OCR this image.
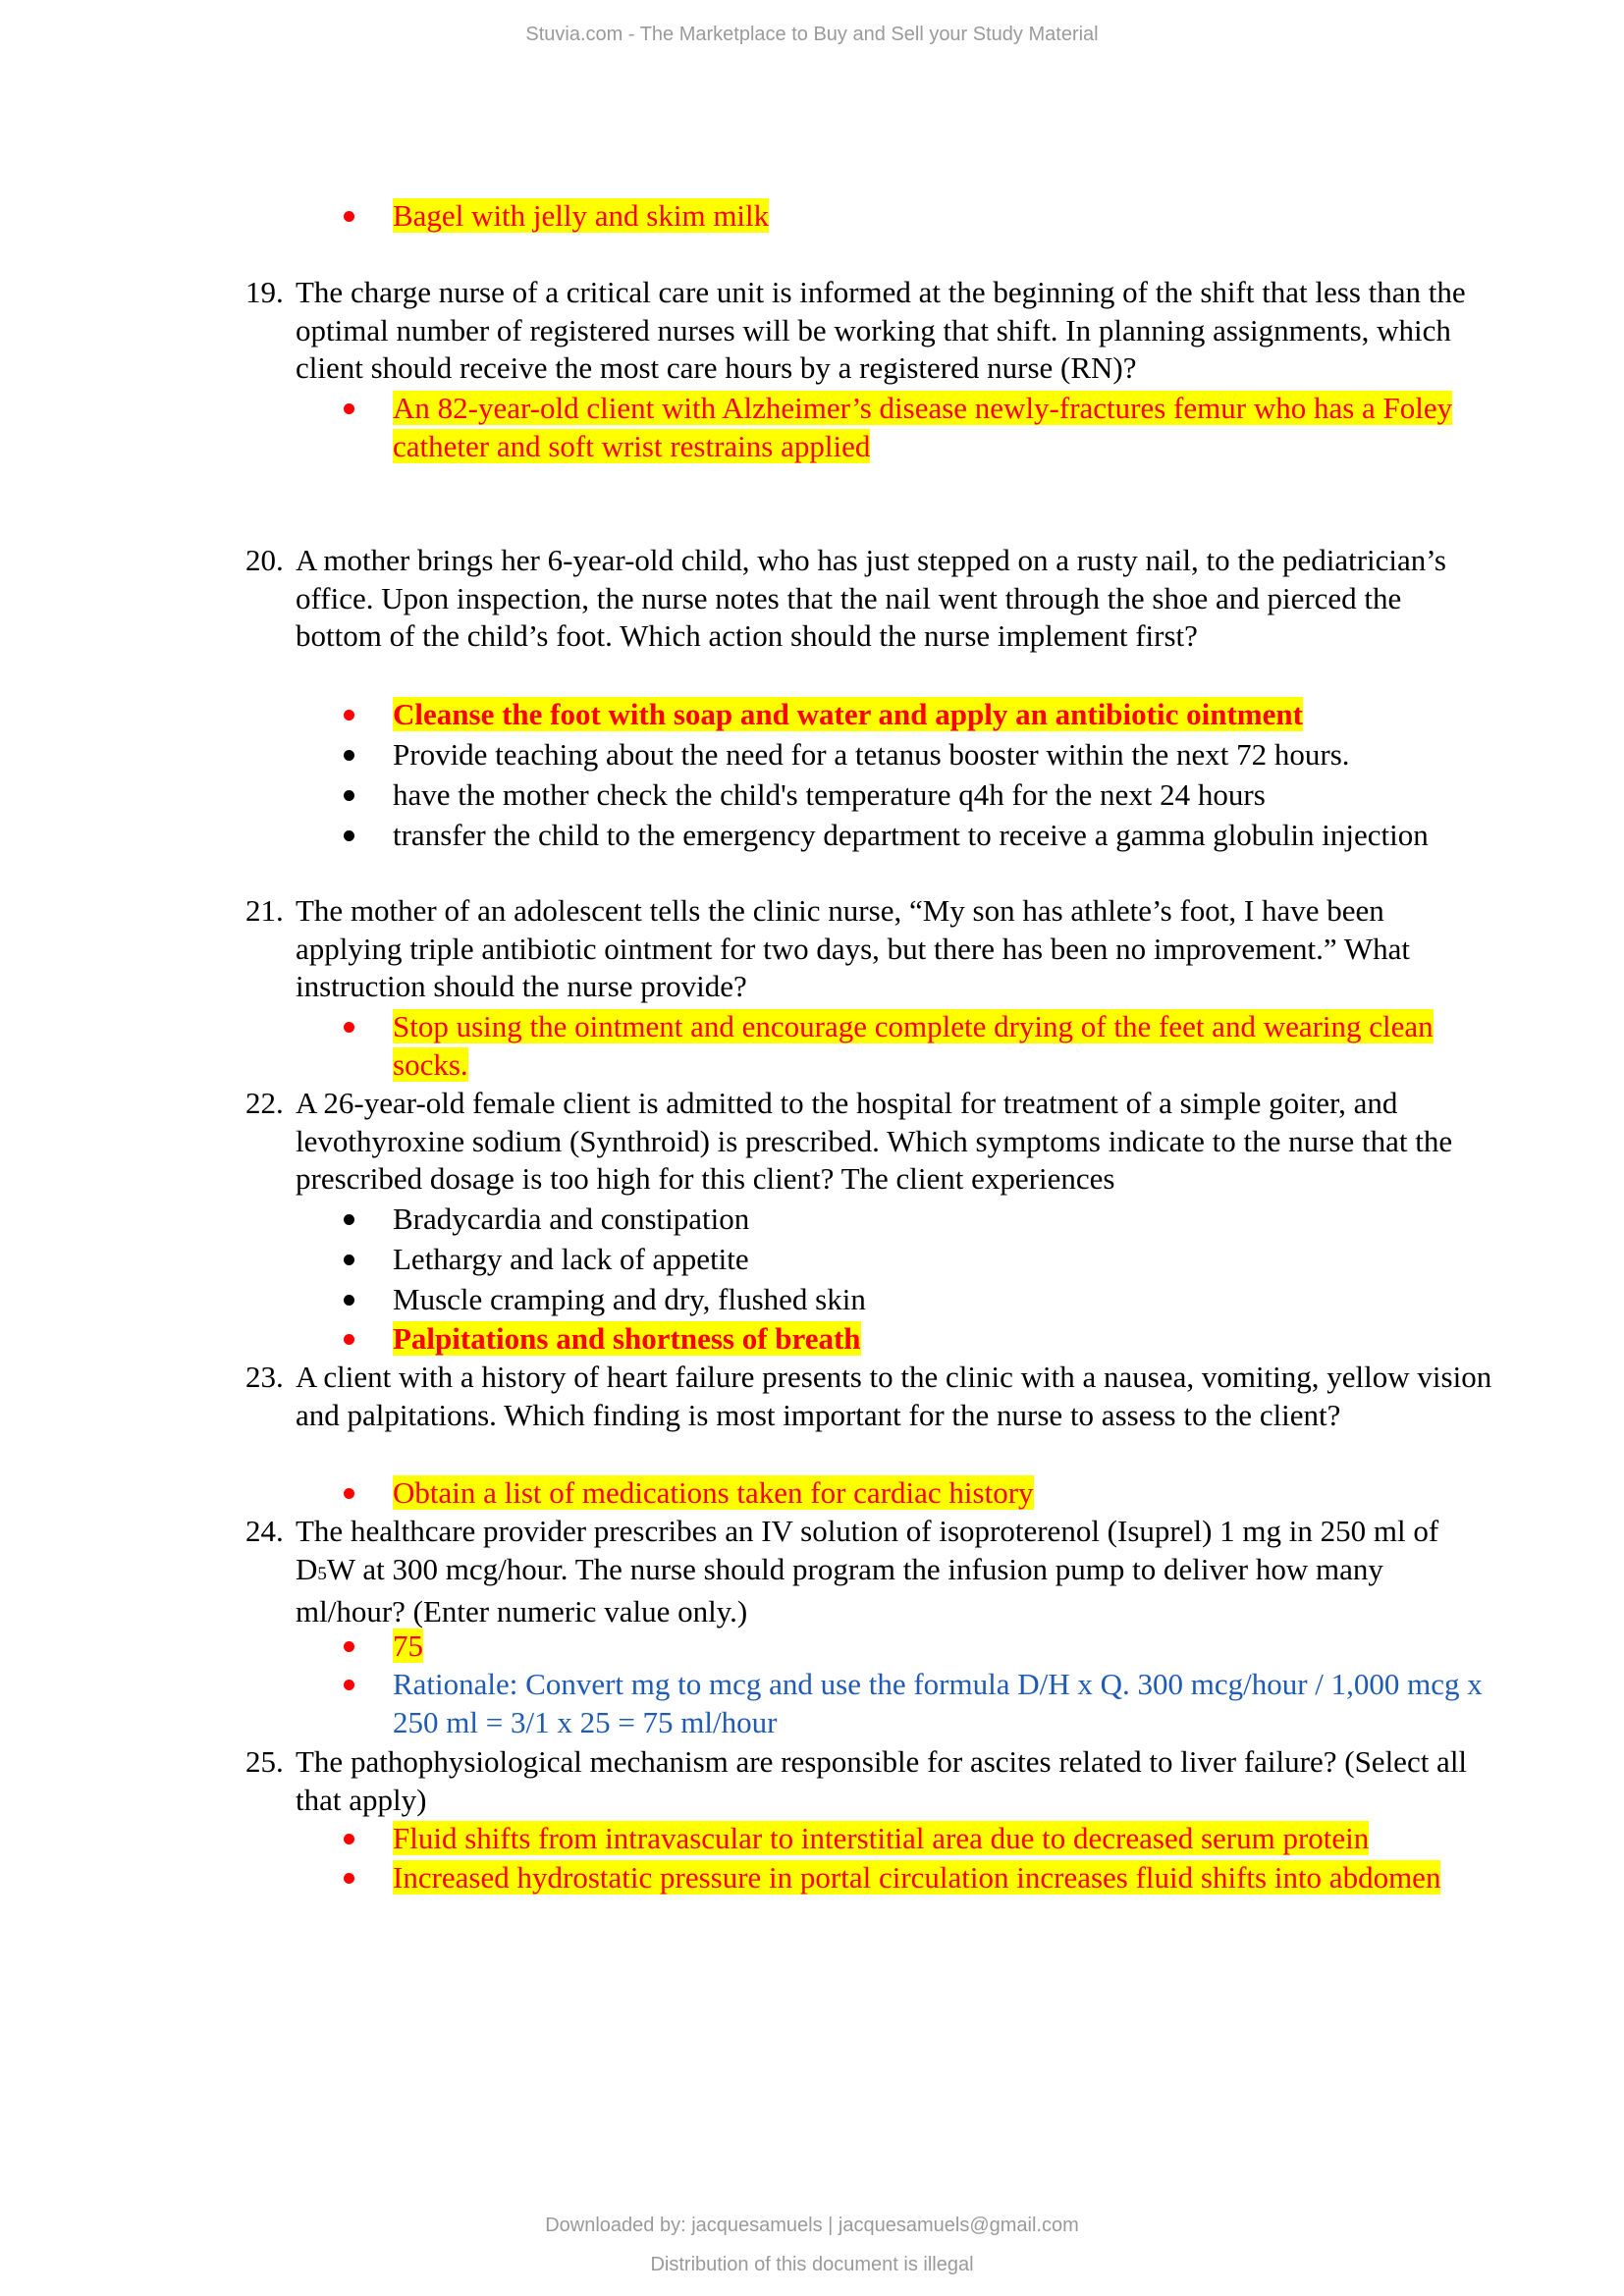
Stuvia.com - The Marketplace to Buy and Sell your Study Material
Bagel with jelly and skim milk
19. The charge nurse of a critical care unit is informed at the beginning of the shift that less than the optimal number of registered nurses will be working that shift. In planning assignments, which client should receive the most care hours by a registered nurse (RN)?
An 82-year-old client with Alzheimer’s disease newly-fractures femur who has a Foley catheter and soft wrist restrains applied
20. A mother brings her 6-year-old child, who has just stepped on a rusty nail, to the pediatrician’s office. Upon inspection, the nurse notes that the nail went through the shoe and pierced the bottom of the child’s foot. Which action should the nurse implement first?
Cleanse the foot with soap and water and apply an antibiotic ointment
Provide teaching about the need for a tetanus booster within the next 72 hours.
have the mother check the child's temperature q4h for the next 24 hours
transfer the child to the emergency department to receive a gamma globulin injection
21. The mother of an adolescent tells the clinic nurse, “My son has athlete’s foot, I have been applying triple antibiotic ointment for two days, but there has been no improvement.” What instruction should the nurse provide?
Stop using the ointment and encourage complete drying of the feet and wearing clean socks.
22. A 26-year-old female client is admitted to the hospital for treatment of a simple goiter, and levothyroxine sodium (Synthroid) is prescribed. Which symptoms indicate to the nurse that the prescribed dosage is too high for this client? The client experiences
Bradycardia and constipation
Lethargy and lack of appetite
Muscle cramping and dry, flushed skin
Palpitations and shortness of breath
23. A client with a history of heart failure presents to the clinic with a nausea, vomiting, yellow vision and palpitations. Which finding is most important for the nurse to assess to the client?
Obtain a list of medications taken for cardiac history
24. The healthcare provider prescribes an IV solution of isoproterenol (Isuprel) 1 mg in 250 ml of D5W at 300 mcg/hour. The nurse should program the infusion pump to deliver how many ml/hour? (Enter numeric value only.)
75
Rationale: Convert mg to mcg and use the formula D/H x Q. 300 mcg/hour / 1,000 mcg x 250 ml = 3/1 x 25 = 75 ml/hour
25. The pathophysiological mechanism are responsible for ascites related to liver failure? (Select all that apply)
Fluid shifts from intravascular to interstitial area due to decreased serum protein
Increased hydrostatic pressure in portal circulation increases fluid shifts into abdomen
Downloaded by: jacquesamuels | jacquesamuels@gmail.com
Distribution of this document is illegal
